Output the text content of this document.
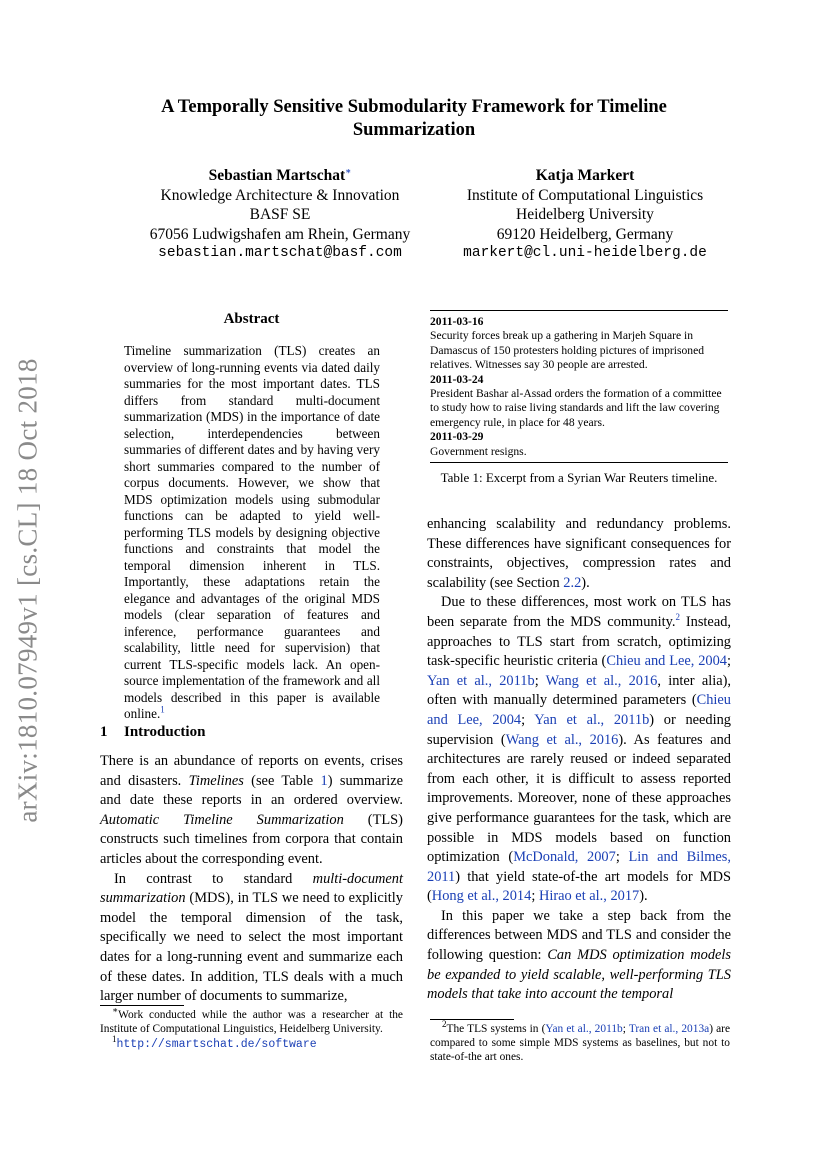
arXiv:1810.07949v1 [cs.CL] 18 Oct 2018
A Temporally Sensitive Submodularity Framework for Timeline
Summarization
Sebastian Martschat∗
Knowledge Architecture & Innovation
BASF SE
67056 Ludwigshafen am Rhein, Germany
sebastian.martschat@basf.com
Katja Markert
Institute of Computational Linguistics
Heidelberg University
69120 Heidelberg, Germany
markert@cl.uni-heidelberg.de
Abstract
Timeline summarization (TLS) creates an overview of long-running events via dated daily summaries for the most important dates. TLS differs from standard multi-document summarization (MDS) in the importance of date selection, interdependencies between summaries of different dates and by having very short summaries compared to the number of corpus documents. However, we show that MDS optimization models using submodular functions can be adapted to yield well-performing TLS models by designing objective functions and constraints that model the temporal dimension inherent in TLS. Importantly, these adaptations retain the elegance and advantages of the original MDS models (clear separation of features and inference, performance guarantees and scalability, little need for supervision) that current TLS-specific models lack. An open-source implementation of the framework and all models described in this paper is available online.$^1$
1 Introduction

There is an abundance of reports on events, crises and disasters. Timelines (see Table 1) summarize and date these reports in an ordered overview. Automatic Timeline Summarization (TLS) constructs such timelines from corpora that contain articles about the corresponding event.

In contrast to standard multi-document summarization (MDS), in TLS we need to explicitly model the temporal dimension of the task, specifically we need to select the most important dates for a long-running event and summarize each of these dates. In addition, TLS deals with a much larger number of documents to summarize,

∗Work conducted while the author was a researcher at the Institute of Computational Linguistics, Heidelberg University.
$^1$http://smartschat.de/software
2011-03-16
Security forces break up a gathering in Marjeh Square in Damascus of 150 protesters holding pictures of imprisoned relatives. Witnesses say 30 people are arrested.
2011-03-24
President Bashar al-Assad orders the formation of a committee to study how to raise living standards and lift the law covering emergency rule, in place for 48 years.
2011-03-29
Government resigns.
Table 1: Excerpt from a Syrian War Reuters timeline.

enhancing scalability and redundancy problems. These differences have significant consequences for constraints, objectives, compression rates and scalability (see Section 2.2).

Due to these differences, most work on TLS has been separate from the MDS community.$^2$ Instead, approaches to TLS start from scratch, optimizing task-specific heuristic criteria (Chieu and Lee, 2004; Yan et al., 2011b; Wang et al., 2016, inter alia), often with manually determined parameters (Chieu and Lee, 2004; Yan et al., 2011b) or needing supervision (Wang et al., 2016). As features and architectures are rarely reused or indeed separated from each other, it is difficult to assess reported improvements. Moreover, none of these approaches give performance guarantees for the task, which are possible in MDS models based on function optimization (McDonald, 2007; Lin and Bilmes, 2011) that yield state-of-the art models for MDS (Hong et al., 2014; Hirao et al., 2017).

In this paper we take a step back from the differences between MDS and TLS and consider the following question: Can MDS optimization models be expanded to yield scalable, well-performing TLS models that take into account the temporal

$^2$The TLS systems in (Yan et al., 2011b; Tran et al., 2013a) are compared to some simple MDS systems as baselines, but not to state-of-the art ones.
